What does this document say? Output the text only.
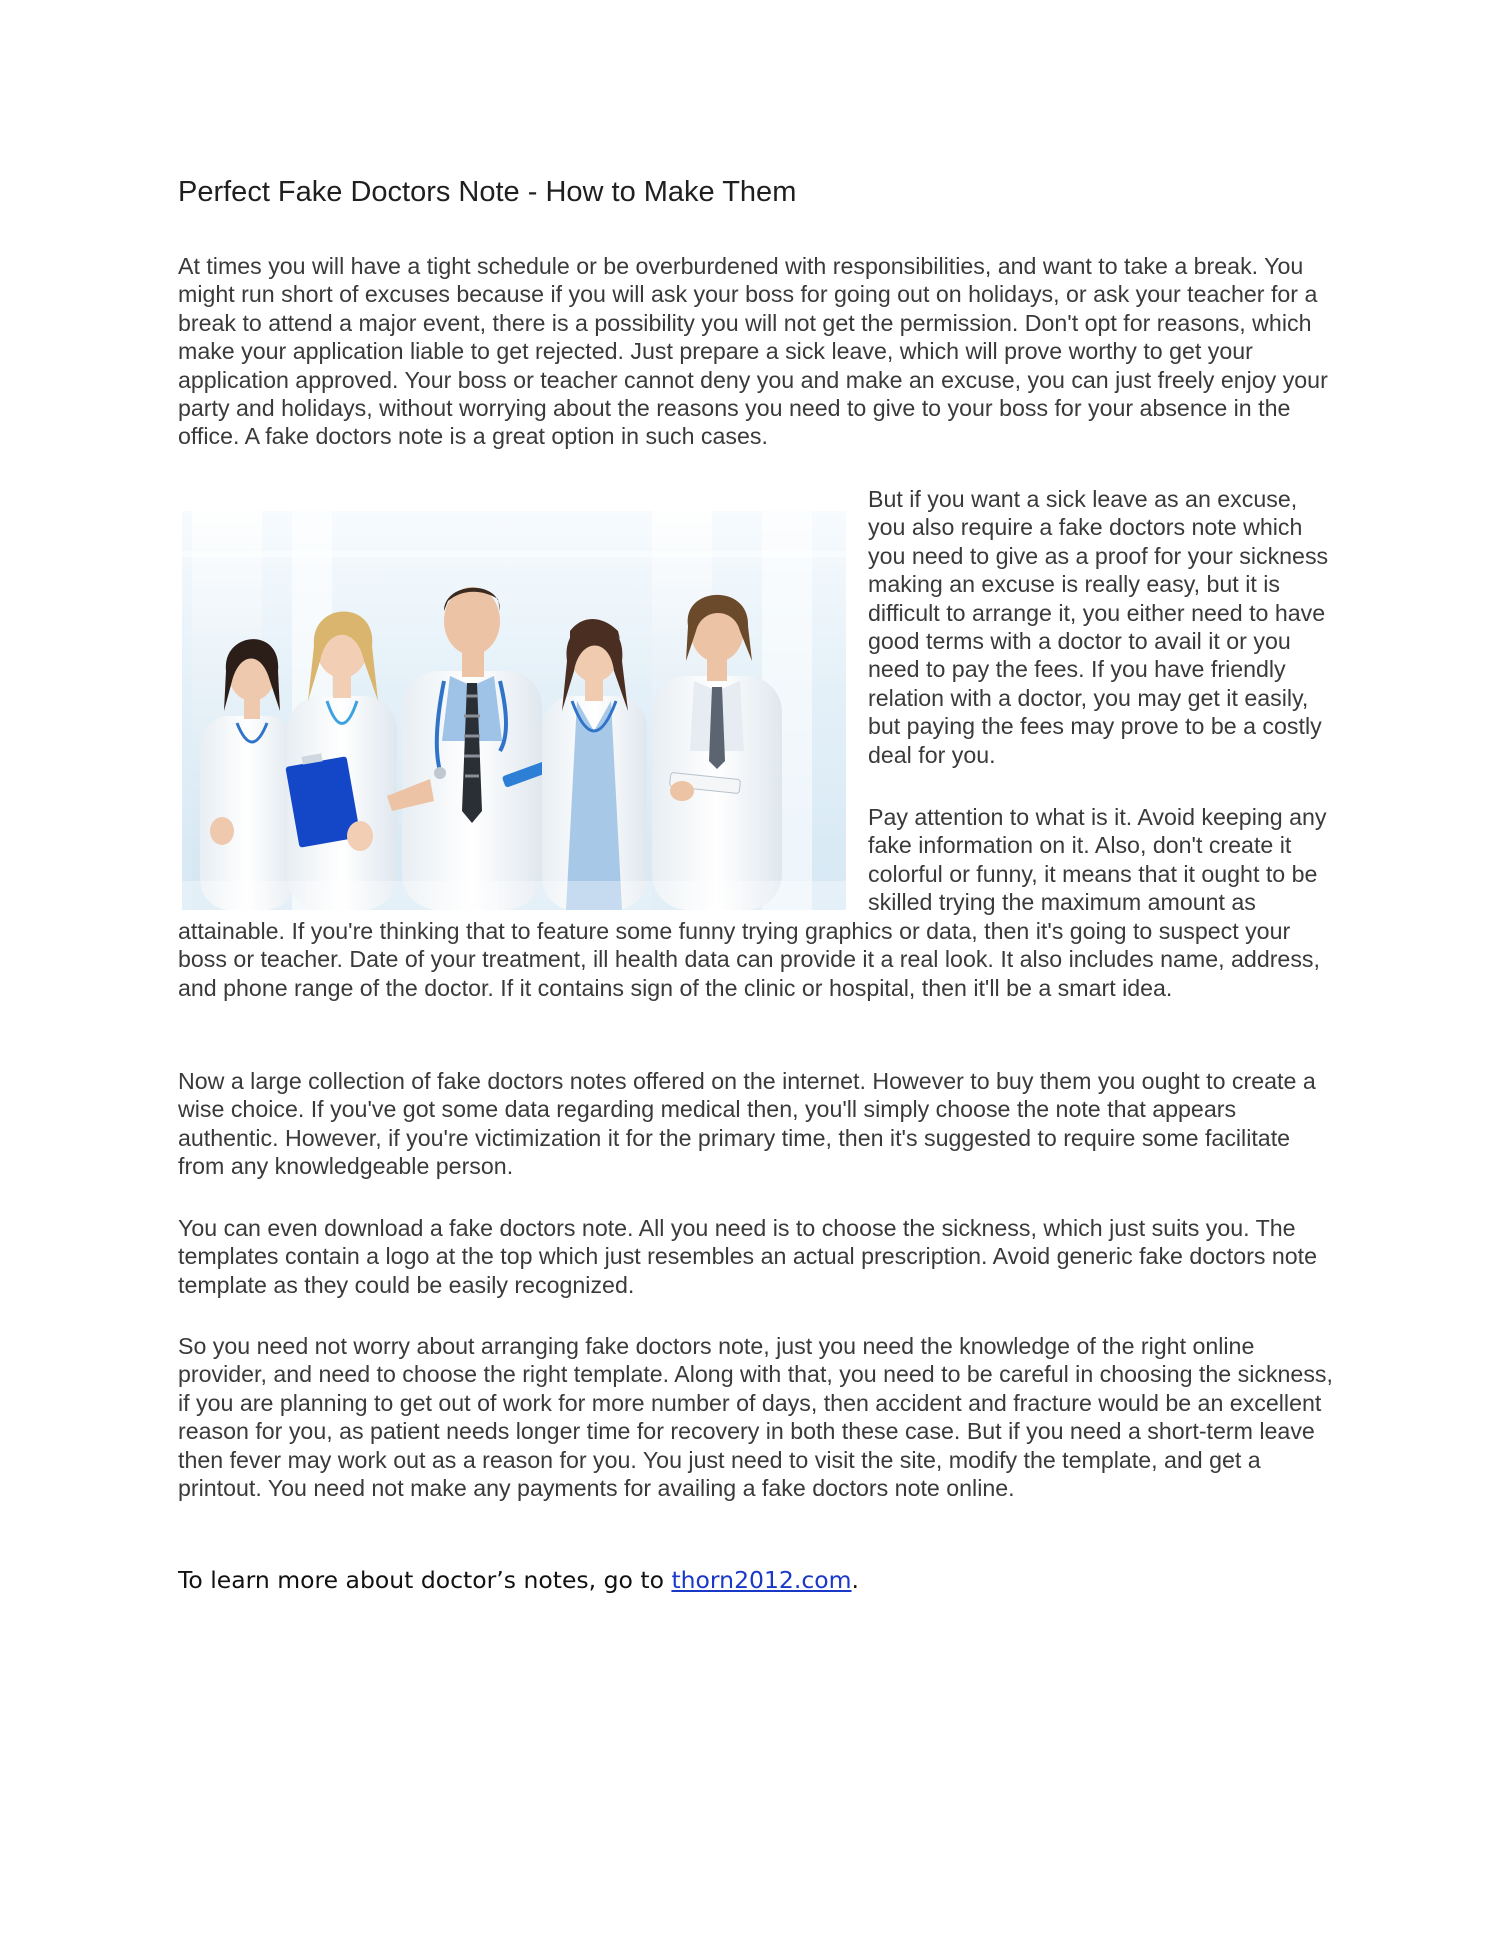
Perfect Fake Doctors Note - How to Make Them

At times you will have a tight schedule or be overburdened with responsibilities, and want to take a break. You might run short of excuses because if you will ask your boss for going out on holidays, or ask your teacher for a break to attend a major event, there is a possibility you will not get the permission. Don't opt for reasons, which make your application liable to get rejected. Just prepare a sick leave, which will prove worthy to get your application approved. Your boss or teacher cannot deny you and make an excuse, you can just freely enjoy your party and holidays, without worrying about the reasons you need to give to your boss for your absence in the office. A fake doctors note is a great option in such cases.

But if you want a sick leave as an excuse, you also require a fake doctors note which you need to give as a proof for your sickness making an excuse is really easy, but it is difficult to arrange it, you either need to have good terms with a doctor to avail it or you need to pay the fees. If you have friendly relation with a doctor, you may get it easily, but paying the fees may prove to be a costly deal for you.

Pay attention to what is it. Avoid keeping any fake information on it. Also, don't create it colorful or funny, it means that it ought to be skilled trying the maximum amount as attainable. If you're thinking that to feature some funny trying graphics or data, then it's going to suspect your boss or teacher. Date of your treatment, ill health data can provide it a real look. It also includes name, address, and phone range of the doctor. If it contains sign of the clinic or hospital, then it'll be a smart idea.

Now a large collection of fake doctors notes offered on the internet. However to buy them you ought to create a wise choice. If you've got some data regarding medical then, you'll simply choose the note that appears authentic. However, if you're victimization it for the primary time, then it's suggested to require some facilitate from any knowledgeable person.

You can even download a fake doctors note. All you need is to choose the sickness, which just suits you. The templates contain a logo at the top which just resembles an actual prescription. Avoid generic fake doctors note template as they could be easily recognized.

So you need not worry about arranging fake doctors note, just you need the knowledge of the right online provider, and need to choose the right template. Along with that, you need to be careful in choosing the sickness, if you are planning to get out of work for more number of days, then accident and fracture would be an excellent reason for you, as patient needs longer time for recovery in both these case. But if you need a short-term leave then fever may work out as a reason for you. You just need to visit the site, modify the template, and get a printout. You need not make any payments for availing a fake doctors note online.

To learn more about doctor’s notes, go to thorn2012.com.
